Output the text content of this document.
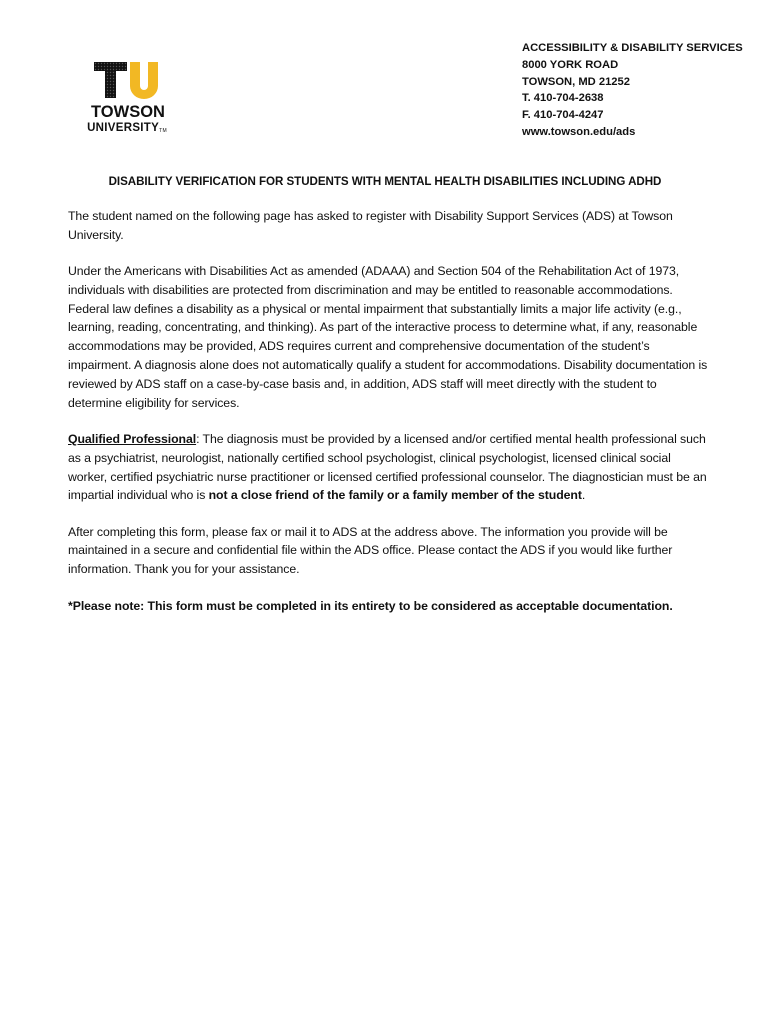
TOWSON
UNIVERSITYTM
ACCESSIBILITY & DISABILITY SERVICES
8000 YORK ROAD
TOWSON, MD 21252
T. 410-704-2638
F. 410-704-4247
www.towson.edu/ads
DISABILITY VERIFICATION FOR STUDENTS WITH MENTAL HEALTH DISABILITIES INCLUDING ADHD

The student named on the following page has asked to register with Disability Support Services (ADS) at Towson University.

Under the Americans with Disabilities Act as amended (ADAAA) and Section 504 of the Rehabilitation Act of 1973, individuals with disabilities are protected from discrimination and may be entitled to reasonable accommodations. Federal law defines a disability as a physical or mental impairment that substantially limits a major life activity (e.g., learning, reading, concentrating, and thinking). As part of the interactive process to determine what, if any, reasonable accommodations may be provided, ADS requires current and comprehensive documentation of the student’s impairment. A diagnosis alone does not automatically qualify a student for accommodations. Disability documentation is reviewed by ADS staff on a case-by-case basis and, in addition, ADS staff will meet directly with the student to determine eligibility for services.

Qualified Professional: The diagnosis must be provided by a licensed and/or certified mental health professional such as a psychiatrist, neurologist, nationally certified school psychologist, clinical psychologist, licensed clinical social worker, certified psychiatric nurse practitioner or licensed certified professional counselor. The diagnostician must be an impartial individual who is not a close friend of the family or a family member of the student.

After completing this form, please fax or mail it to ADS at the address above. The information you provide will be maintained in a secure and confidential file within the ADS office. Please contact the ADS if you would like further information. Thank you for your assistance.

*Please note: This form must be completed in its entirety to be considered as acceptable documentation.
